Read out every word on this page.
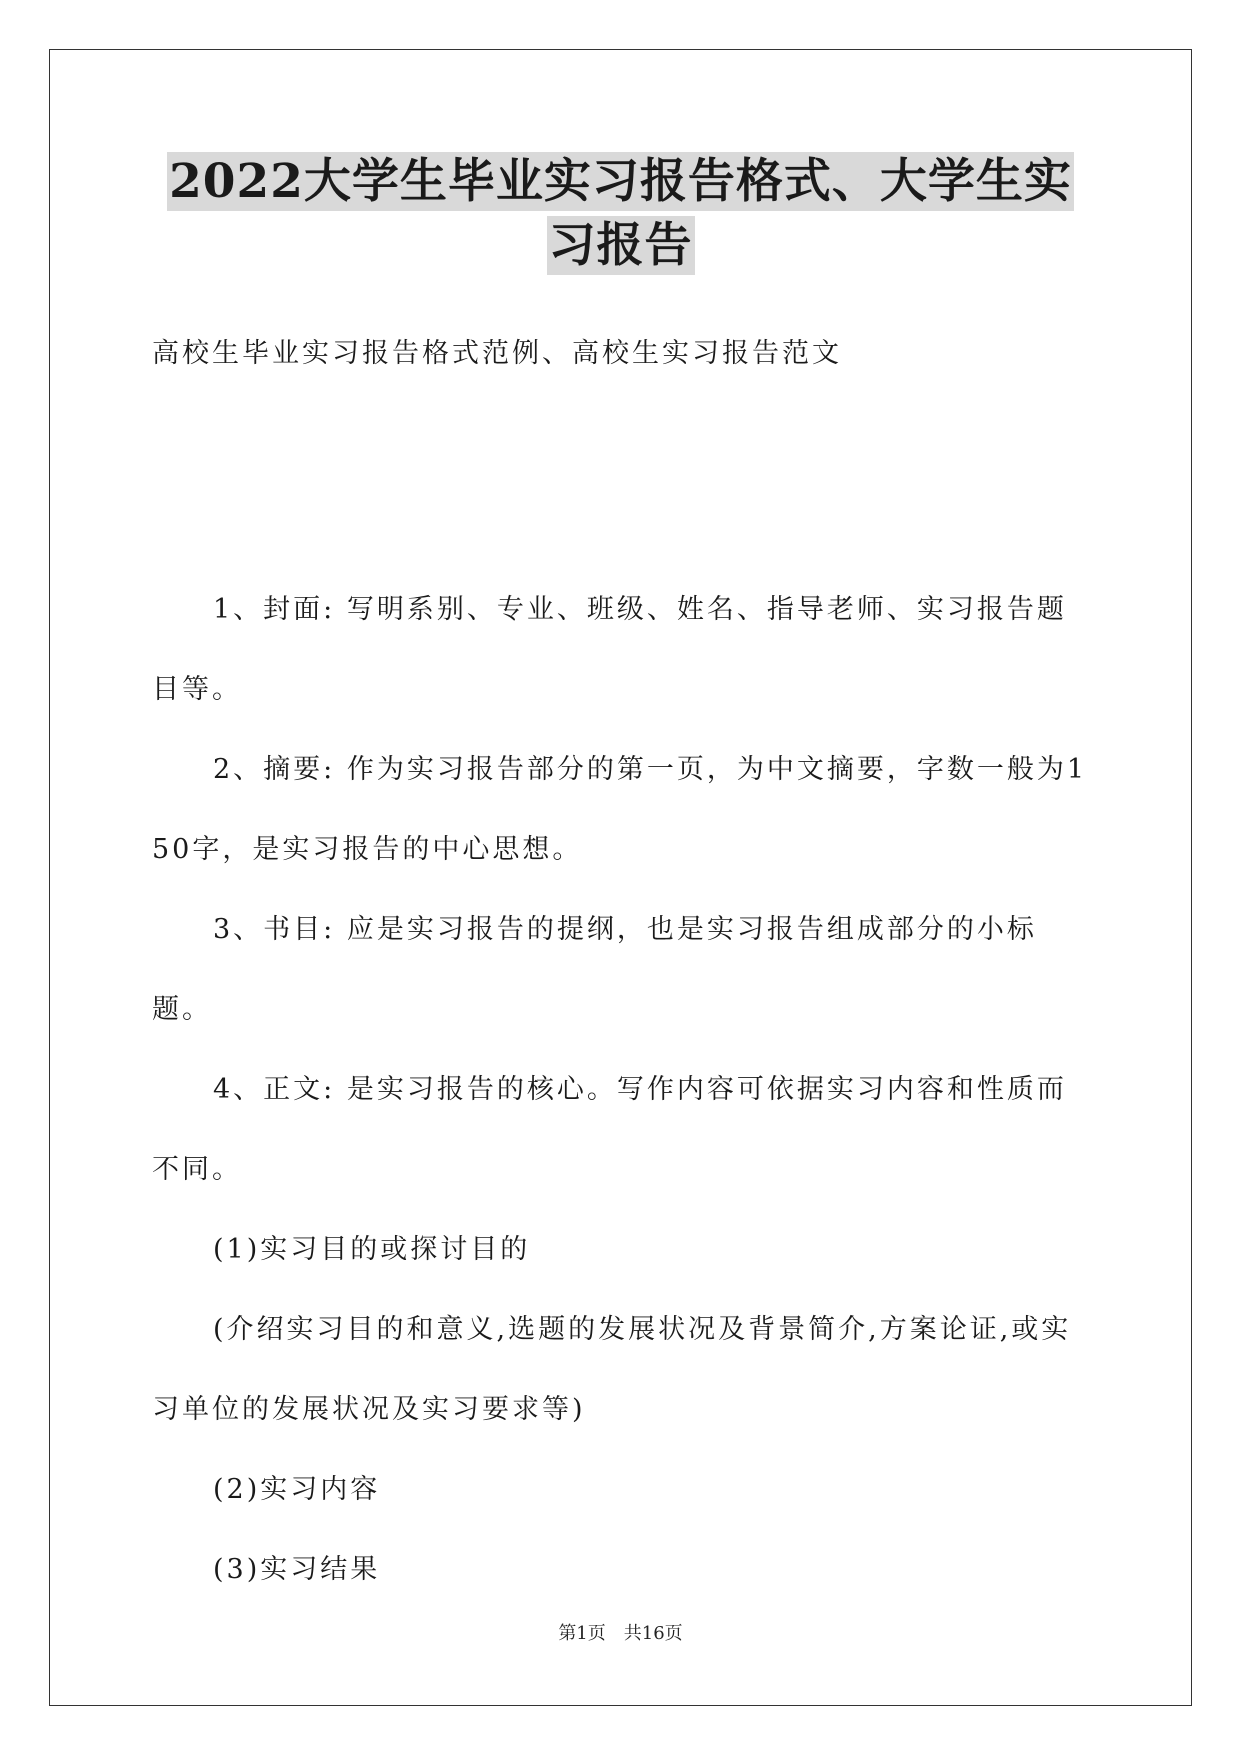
2022大学生毕业实习报告格式、大学生实习报告
高校生毕业实习报告格式范例、高校生实习报告范文

1、封面: 写明系别、专业、班级、姓名、指导老师、实习报告题目等。

2、摘要: 作为实习报告部分的第一页，为中文摘要，字数一般为150字，是实习报告的中心思想。

3、书目: 应是实习报告的提纲，也是实习报告组成部分的小标题。

4、正文: 是实习报告的核心。写作内容可依据实习内容和性质而不同。

(1)实习目的或探讨目的

(介绍实习目的和意义,选题的发展状况及背景简介,方案论证,或实习单位的发展状况及实习要求等)

(2)实习内容

(3)实习结果

第1页 共16页
